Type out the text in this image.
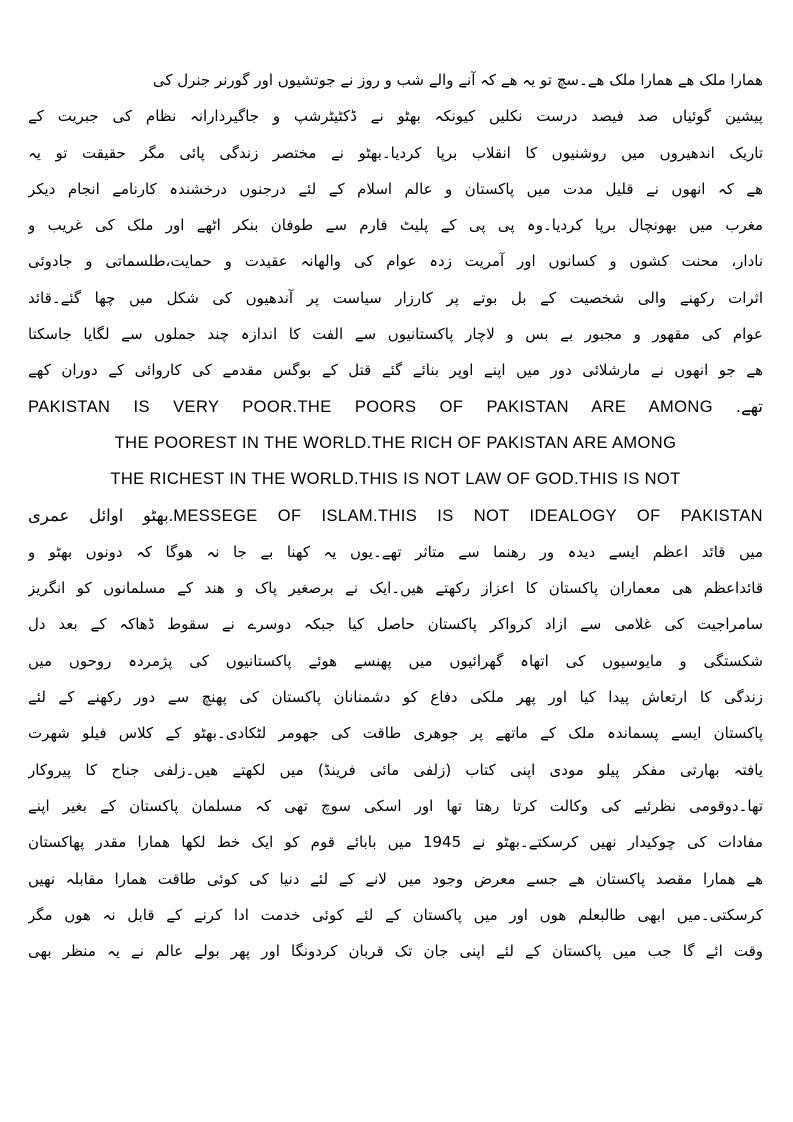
ھمارا ملک ھے ھمارا ملک ھے۔سچ تو یہ ھے کہ آنے والے شب و روز نے جوتشیوں اور گورنر جنرل کی
پیشین گوئیاں صد فیصد درست نکلیں کیونکہ بھٹو نے ڈکٹیٹرشپ و جاگیردارانہ نظام کی جبریت کے
تاریک اندھیروں میں روشنیوں کا انقلاب برپا کردیا۔بھٹو نے مختصر زندگی پائی مگر حقیقت تو یہ
ھے کہ انھوں نے قلیل مدت میں پاکستان و عالم اسلام کے لئے درجنوں درخشندہ کارنامے انجام دیکر
مغرب میں بھونچال برپا کردیا۔وہ پی پی کے پلیٹ فارم سے طوفان بنکر اٹھے اور ملک کی غریب و
نادار، محنت کشوں و کسانوں اور آمریت زدہ عوام کی والھانہ عقیدت و حمایت،طلسماتی و جادوئی
اثرات رکھنے والی شخصیت کے بل بوتے پر کارزار سیاست پر آندھیوں کی شکل میں چھا گئے۔قائد
عوام کی مقھور و مجبور بے بس و لاچار پاکستانیوں سے الفت کا اندازہ چند جملوں سے لگایا جاسکتا
ھے جو انھوں نے مارشلائی دور میں اپنے اوپر بنائے گئے قتل کے بوگس مقدمے کی کاروائی کے دوران کھے
PAKISTAN IS VERY POOR.THE POORS OF PAKISTAN ARE AMONG .تھے
THE POOREST IN THE WORLD.THE RICH OF PAKISTAN ARE AMONG
THE RICHEST IN THE WORLD.THIS IS NOT LAW OF GOD.THIS IS NOT
بھٹو اوائل عمری.MESSEGE OF ISLAM.THIS IS NOT IDEALOGY OF PAKISTAN
میں قائد اعظم ایسے دیدہ ور رھنما سے متاثر تھے۔یوں یہ کھنا بے جا نہ ھوگا کہ دونوں بھٹو و
قائداعظم ھی معماران پاکستان کا اعزاز رکھتے ھیں۔ایک نے برصغیر پاک و ھند کے مسلمانوں کو انگریز
سامراجیت کی غلامی سے ازاد کرواکر پاکستان حاصل کیا جبکہ دوسرے نے سقوط ڈھاکہ کے بعد دل
شکستگی و مایوسیوں کی اتھاہ گھرائیوں میں پھنسے ھوئے پاکستانیوں کی پژمردہ روحوں میں
زندگی کا ارتعاش پیدا کیا اور پھر ملکی دفاع کو دشمنانان پاکستان کی پھنچ سے دور رکھنے کے لئے
پاکستان ایسے پسماندہ ملک کے ماتھے پر جوھری طاقت کی جھومر لٹکادی۔بھٹو کے کلاس فیلو شھرت
یافتہ بھارتی مفکر پیلو مودی اپنی کتاب (زلفی مائی فرینڈ) میں لکھتے ھیں۔زلفی جناح کا پیروکار
تھا۔دوقومی نظرئیے کی وکالت کرتا رھتا تھا اور اسکی سوچ تھی کہ مسلمان پاکستان کے بغیر اپنے
مفادات کی چوکیدار نھیں کرسکتے۔بھٹو نے 1945 میں بابائے قوم کو ایک خط لکھا ھمارا مقدر پھاکستان
ھے ھمارا مقصد پاکستان ھے جسے معرض وجود میں لانے کے لئے دنیا کی کوئی طاقت ھمارا مقابلہ نھیں
کرسکتی۔میں ابھی طالبعلم ھوں اور میں پاکستان کے لئے کوئی خدمت ادا کرنے کے قابل نہ ھوں مگر
وقت ائے گا جب میں پاکستان کے لئے اپنی جان تک قربان کردونگا اور پھر بولے عالم نے یہ منظر بھی
